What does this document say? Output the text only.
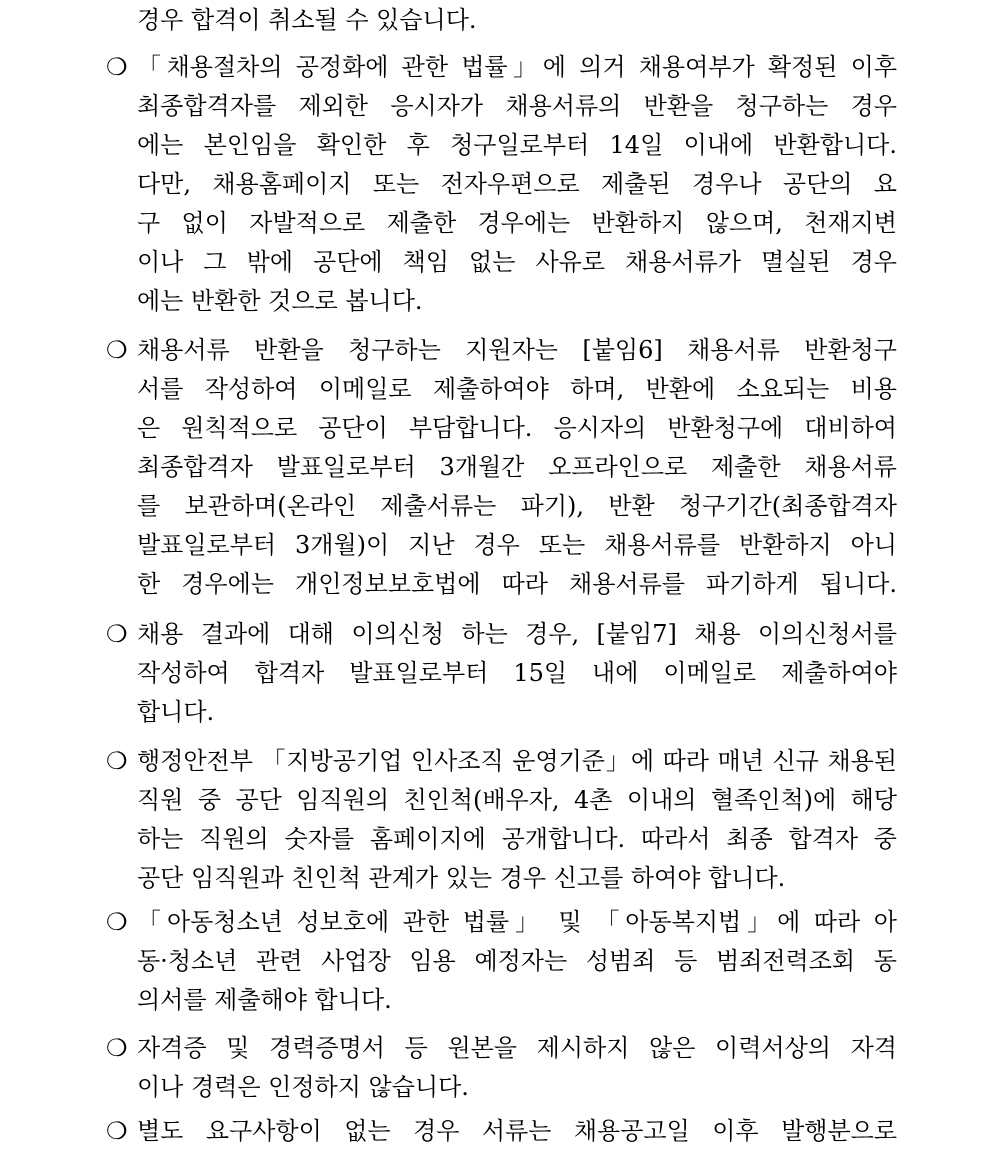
경우 합격이 취소될 수 있습니다.
❍ 「채용절차의 공정화에 관한 법률」에 의거 채용여부가 확정된 이후
최종합격자를 제외한 응시자가 채용서류의 반환을 청구하는 경우
에는 본인임을 확인한 후 청구일로부터 14일 이내에 반환합니다.
다만, 채용홈페이지 또는 전자우편으로 제출된 경우나 공단의 요
구 없이 자발적으로 제출한 경우에는 반환하지 않으며, 천재지변
이나 그 밖에 공단에 책임 없는 사유로 채용서류가 멸실된 경우
에는 반환한 것으로 봅니다.
❍ 채용서류 반환을 청구하는 지원자는 [붙임6] 채용서류 반환청구
서를 작성하여 이메일로 제출하여야 하며, 반환에 소요되는 비용
은 원칙적으로 공단이 부담합니다. 응시자의 반환청구에 대비하여
최종합격자 발표일로부터 3개월간 오프라인으로 제출한 채용서류
를 보관하며(온라인 제출서류는 파기), 반환 청구기간(최종합격자
발표일로부터 3개월)이 지난 경우 또는 채용서류를 반환하지 아니
한 경우에는 개인정보보호법에 따라 채용서류를 파기하게 됩니다.
❍ 채용 결과에 대해 이의신청 하는 경우, [붙임7] 채용 이의신청서를
작성하여 합격자 발표일로부터 15일 내에 이메일로 제출하여야
합니다.
❍ 행정안전부 「지방공기업 인사조직 운영기준」에 따라 매년 신규 채용된
직원 중 공단 임직원의 친인척(배우자, 4촌 이내의 혈족인척)에 해당
하는 직원의 숫자를 홈페이지에 공개합니다. 따라서 최종 합격자 중
공단 임직원과 친인척 관계가 있는 경우 신고를 하여야 합니다.
❍ 「아동청소년 성보호에 관한 법률」 및 「아동복지법」에 따라 아
동·청소년 관련 사업장 임용 예정자는 성범죄 등 범죄전력조회 동
의서를 제출해야 합니다.
❍ 자격증 및 경력증명서 등 원본을 제시하지 않은 이력서상의 자격
이나 경력은 인정하지 않습니다.
❍ 별도 요구사항이 없는 경우 서류는 채용공고일 이후 발행분으로
